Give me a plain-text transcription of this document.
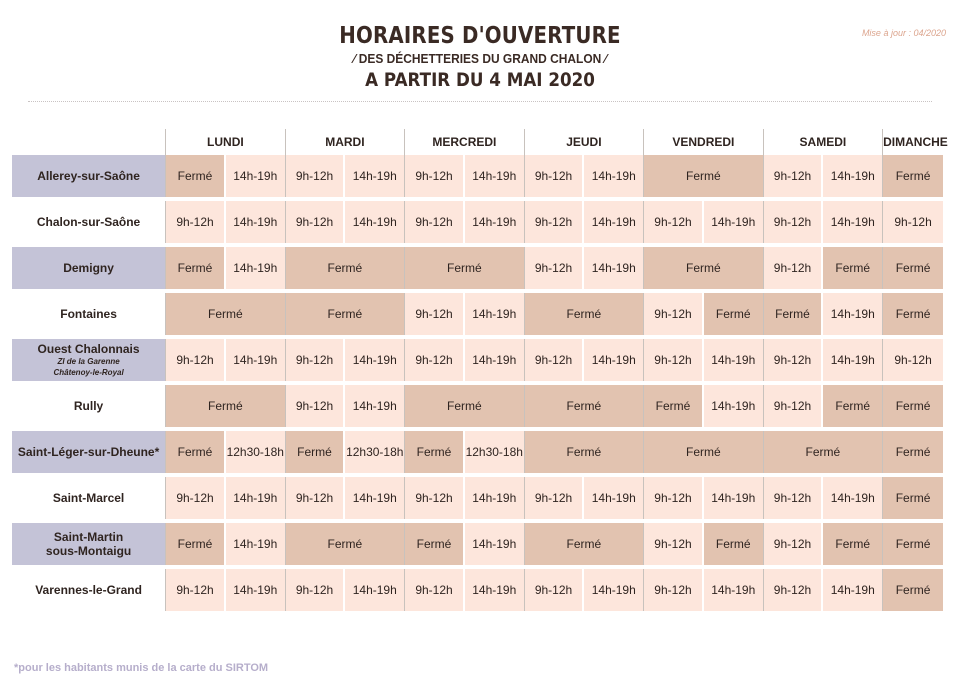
HORAIRES D'OUVERTURE
⁄ DES DÉCHETTERIES DU GRAND CHALON ⁄
A PARTIR DU 4 MAI 2020
Mise à jour : 04/2020
	LUNDI		MARDI		MERCREDI		JEUDI		VENDREDI		SAMEDI		DIMANCHE
Allerey-sur-Saône	Fermé	14h-19h	9h-12h	14h-19h	9h-12h	14h-19h	9h-12h	14h-19h	Fermé		9h-12h	14h-19h	Fermé
Chalon-sur-Saône	9h-12h	14h-19h	9h-12h	14h-19h	9h-12h	14h-19h	9h-12h	14h-19h	9h-12h	14h-19h	9h-12h	14h-19h	9h-12h
Demigny	Fermé	14h-19h	Fermé		Fermé		9h-12h	14h-19h	Fermé		9h-12h	Fermé	Fermé
Fontaines	Fermé		Fermé		9h-12h	14h-19h	Fermé		9h-12h	Fermé	Fermé	14h-19h	Fermé
Ouest Chalonnais
ZI de la Garenne
Châtenoy-le-Royal	9h-12h	14h-19h	9h-12h	14h-19h	9h-12h	14h-19h	9h-12h	14h-19h	9h-12h	14h-19h	9h-12h	14h-19h	9h-12h
Rully	Fermé		9h-12h	14h-19h	Fermé		Fermé		Fermé	14h-19h	9h-12h	Fermé	Fermé
Saint-Léger-sur-Dheune*	Fermé	12h30-18h	Fermé	12h30-18h	Fermé	12h30-18h	Fermé		Fermé		Fermé		Fermé
Saint-Marcel	9h-12h	14h-19h	9h-12h	14h-19h	9h-12h	14h-19h	9h-12h	14h-19h	9h-12h	14h-19h	9h-12h	14h-19h	Fermé
Saint-Martin
sous-Montaigu	Fermé	14h-19h	Fermé		Fermé	14h-19h	Fermé		9h-12h	Fermé	9h-12h	Fermé	Fermé
Varennes-le-Grand	9h-12h	14h-19h	9h-12h	14h-19h	9h-12h	14h-19h	9h-12h	14h-19h	9h-12h	14h-19h	9h-12h	14h-19h	Fermé
*pour les habitants munis de la carte du SIRTOM
